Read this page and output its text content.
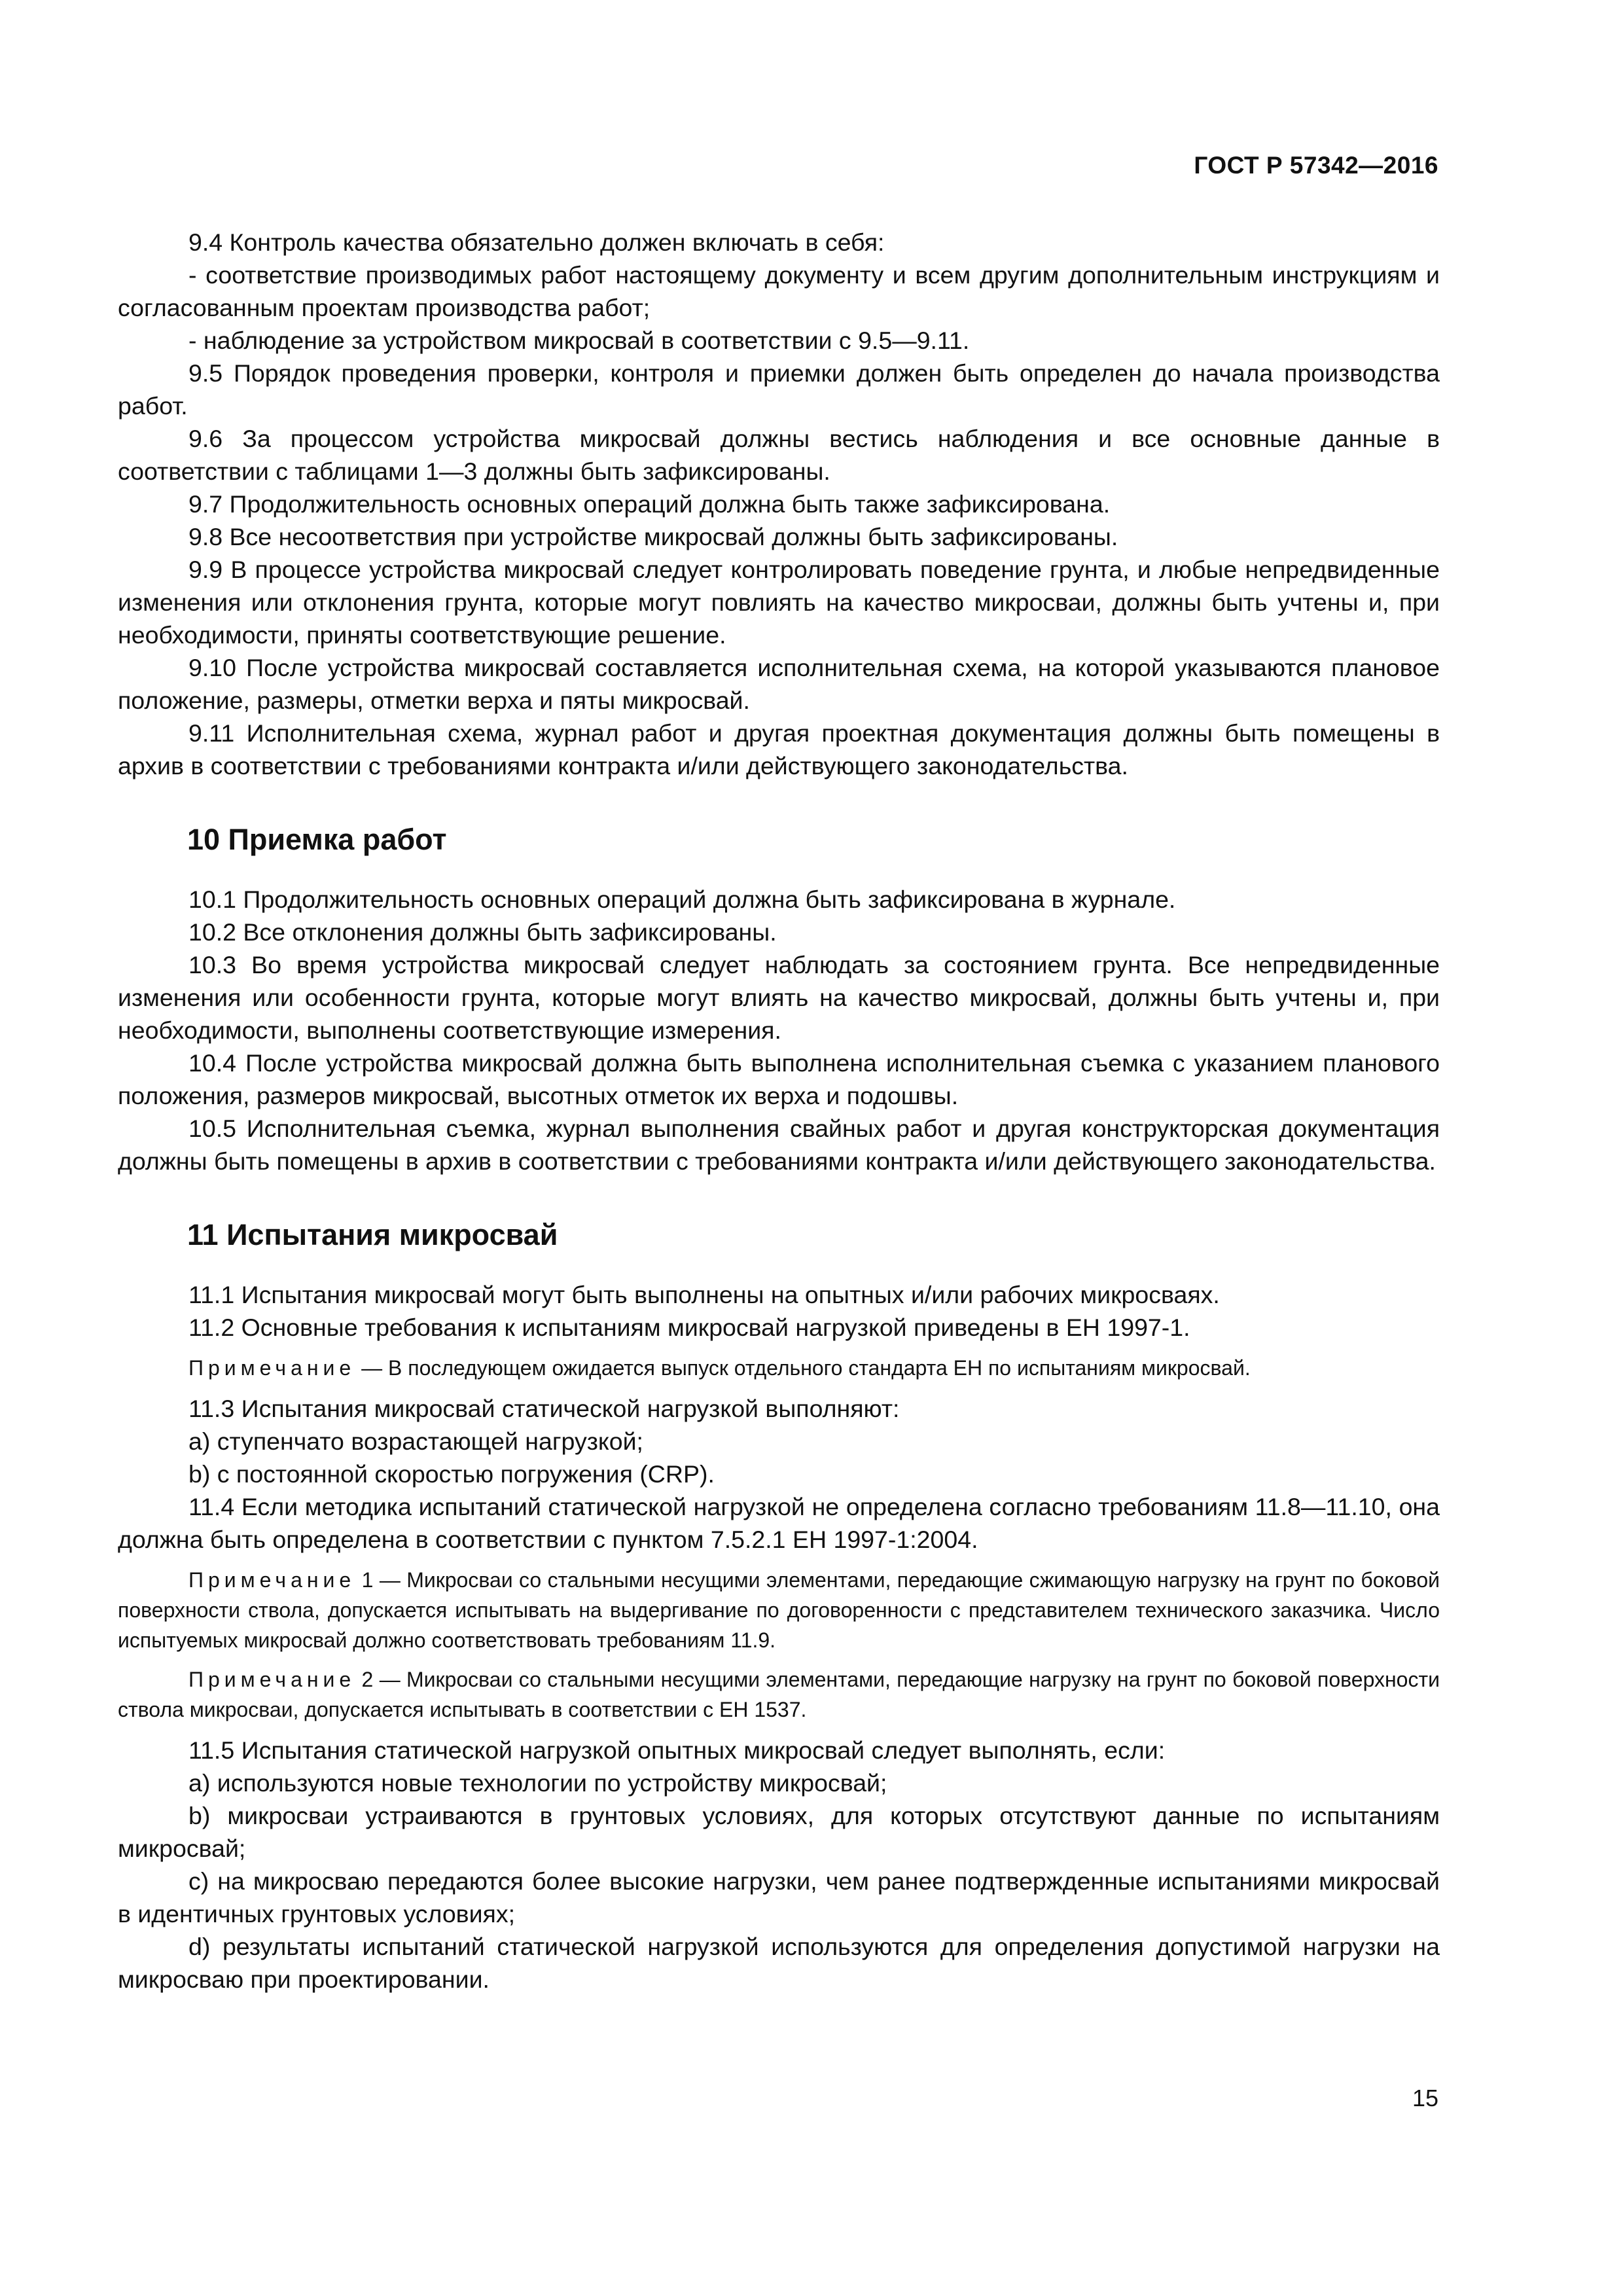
ГОСТ Р 57342—2016

9.4 Контроль качества обязательно должен включать в себя:

- соответствие производимых работ настоящему документу и всем другим дополнительным инструкциям и согласованным проектам производства работ;

- наблюдение за устройством микросвай в соответствии с 9.5—9.11.

9.5 Порядок проведения проверки, контроля и приемки должен быть определен до начала производства работ.

9.6 За процессом устройства микросвай должны вестись наблюдения и все основные данные в соответствии с таблицами 1—3 должны быть зафиксированы.

9.7 Продолжительность основных операций должна быть также зафиксирована.

9.8 Все несоответствия при устройстве микросвай должны быть зафиксированы.

9.9 В процессе устройства микросвай следует контролировать поведение грунта, и любые непредвиденные изменения или отклонения грунта, которые могут повлиять на качество микросваи, должны быть учтены и, при необходимости, приняты соответствующие решение.

9.10 После устройства микросвай составляется исполнительная схема, на которой указываются плановое положение, размеры, отметки верха и пяты микросвай.

9.11 Исполнительная схема, журнал работ и другая проектная документация должны быть помещены в архив в соответствии с требованиями контракта и/или действующего законодательства.

10 Приемка работ

10.1 Продолжительность основных операций должна быть зафиксирована в журнале.

10.2 Все отклонения должны быть зафиксированы.

10.3 Во время устройства микросвай следует наблюдать за состоянием грунта. Все непредвиденные изменения или особенности грунта, которые могут влиять на качество микросвай, должны быть учтены и, при необходимости, выполнены соответствующие измерения.

10.4 После устройства микросвай должна быть выполнена исполнительная съемка с указанием планового положения, размеров микросвай, высотных отметок их верха и подошвы.

10.5 Исполнительная съемка, журнал выполнения свайных работ и другая конструкторская документация должны быть помещены в архив в соответствии с требованиями контракта и/или действующего законодательства.

11 Испытания микросвай

11.1 Испытания микросвай могут быть выполнены на опытных и/или рабочих микросваях.

11.2 Основные требования к испытаниям микросвай нагрузкой приведены в ЕН 1997-1.

Примечание — В последующем ожидается выпуск отдельного стандарта ЕН по испытаниям микросвай.

11.3 Испытания микросвай статической нагрузкой выполняют:

a) ступенчато возрастающей нагрузкой;

b) с постоянной скоростью погружения (CRP).

11.4 Если методика испытаний статической нагрузкой не определена согласно требованиям 11.8—11.10, она должна быть определена в соответствии с пунктом 7.5.2.1 ЕН 1997-1:2004.

Примечание 1 — Микросваи со стальными несущими элементами, передающие сжимающую нагрузку на грунт по боковой поверхности ствола, допускается испытывать на выдергивание по договоренности с представителем технического заказчика. Число испытуемых микросвай должно соответствовать требованиям 11.9.

Примечание 2 — Микросваи со стальными несущими элементами, передающие нагрузку на грунт по боковой поверхности ствола микросваи, допускается испытывать в соответствии с ЕН 1537.

11.5 Испытания статической нагрузкой опытных микросвай следует выполнять, если:

a) используются новые технологии по устройству микросвай;

b) микросваи устраиваются в грунтовых условиях, для которых отсутствуют данные по испытаниям микросвай;

c) на микросваю передаются более высокие нагрузки, чем ранее подтвержденные испытаниями микросвай в идентичных грунтовых условиях;

d) результаты испытаний статической нагрузкой используются для определения допустимой нагрузки на микросваю при проектировании.

15
